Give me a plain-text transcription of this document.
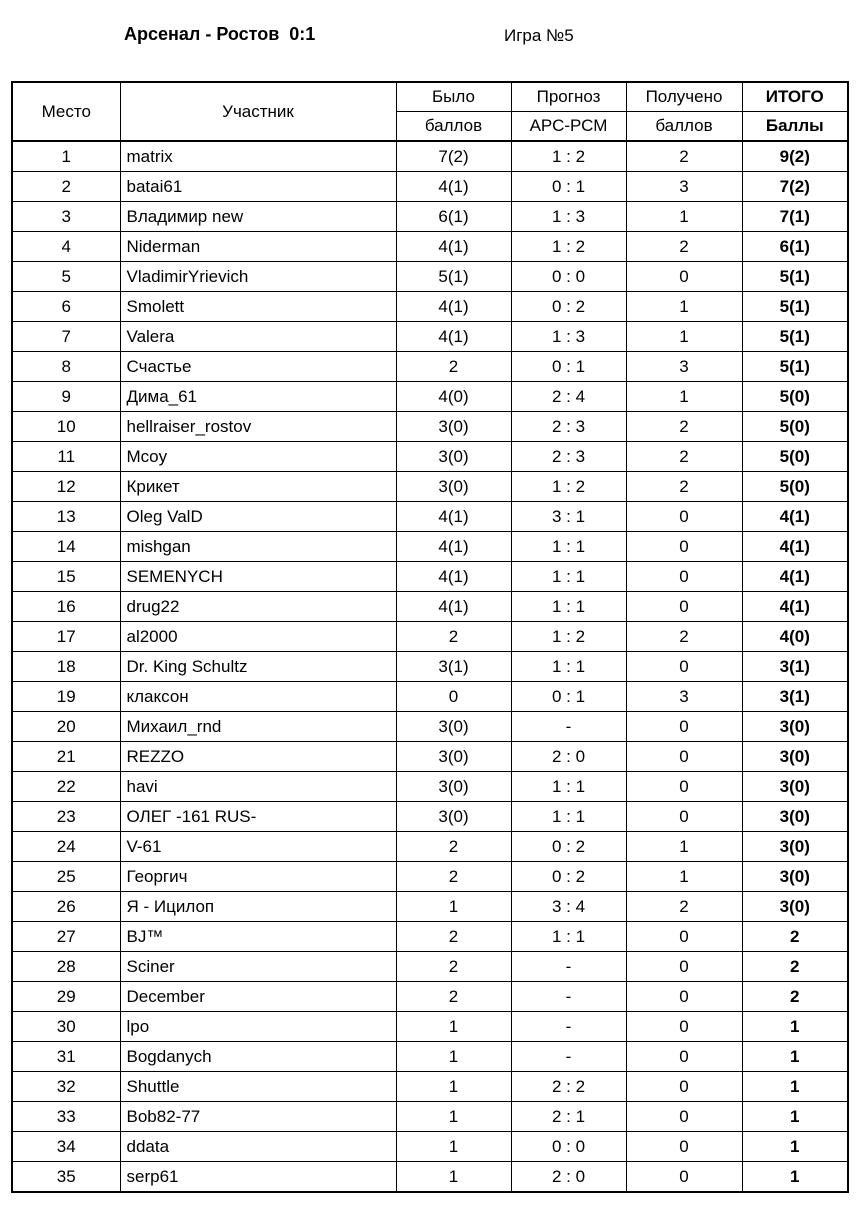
Арсенал - Ростов  0:1	Игра №5
Место	Участник	Было	Прогноз	Получено	ИТОГО
		баллов	АРС-РСМ	баллов	Баллы
1	matrix	7(2)	1 : 2	2	9(2)
2	batai61	4(1)	0 : 1	3	7(2)
3	Владимир new	6(1)	1 : 3	1	7(1)
4	Niderman	4(1)	1 : 2	2	6(1)
5	VladimirYrievich	5(1)	0 : 0	0	5(1)
6	Smolett	4(1)	0 : 2	1	5(1)
7	Valera	4(1)	1 : 3	1	5(1)
8	Счастье	2	0 : 1	3	5(1)
9	Дима_61	4(0)	2 : 4	1	5(0)
10	hellraiser_rostov	3(0)	2 : 3	2	5(0)
11	Mcoy	3(0)	2 : 3	2	5(0)
12	Крикет	3(0)	1 : 2	2	5(0)
13	Oleg ValD	4(1)	3 : 1	0	4(1)
14	mishgan	4(1)	1 : 1	0	4(1)
15	SEMENYCH	4(1)	1 : 1	0	4(1)
16	drug22	4(1)	1 : 1	0	4(1)
17	al2000	2	1 : 2	2	4(0)
18	Dr. King Schultz	3(1)	1 : 1	0	3(1)
19	клаксон	0	0 : 1	3	3(1)
20	Михаил_rnd	3(0)	-	0	3(0)
21	REZZO	3(0)	2 : 0	0	3(0)
22	havi	3(0)	1 : 1	0	3(0)
23	ОЛЕГ -161 RUS-	3(0)	1 : 1	0	3(0)
24	V-61	2	0 : 2	1	3(0)
25	Георгич	2	0 : 2	1	3(0)
26	Я - Ицилоп	1	3 : 4	2	3(0)
27	BJ™	2	1 : 1	0	2
28	Sciner	2	-	0	2
29	December	2	-	0	2
30	lpo	1	-	0	1
31	Bogdanych	1	-	0	1
32	Shuttle	1	2 : 2	0	1
33	Bob82-77	1	2 : 1	0	1
34	ddata	1	0 : 0	0	1
35	serp61	1	2 : 0	0	1
